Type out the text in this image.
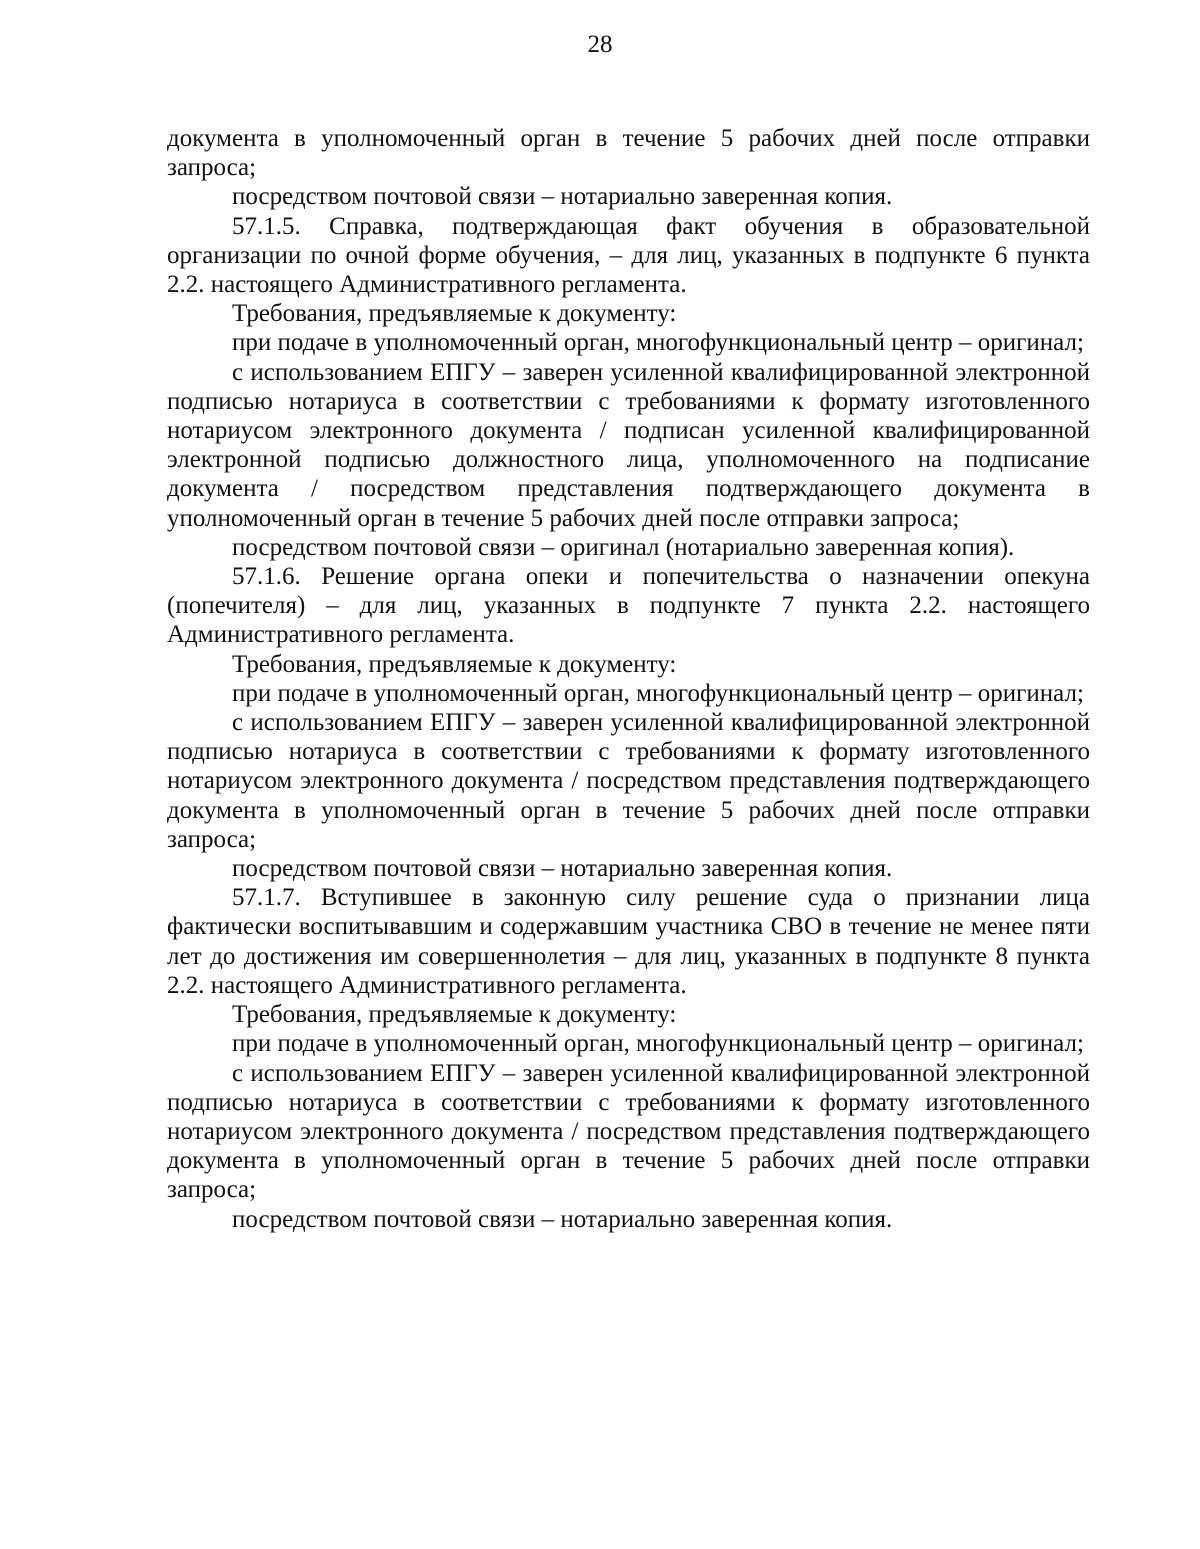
28

документа в уполномоченный орган в течение 5 рабочих дней после отправки запроса;

посредством почтовой связи – нотариально заверенная копия.

57.1.5. Справка, подтверждающая факт обучения в образовательной организации по очной форме обучения, – для лиц, указанных в подпункте 6 пункта 2.2. настоящего Административного регламента.

Требования, предъявляемые к документу:

при подаче в уполномоченный орган, многофункциональный центр – оригинал;

с использованием ЕПГУ – заверен усиленной квалифицированной электронной подписью нотариуса в соответствии с требованиями к формату изготовленного нотариусом электронного документа / подписан усиленной квалифицированной электронной подписью должностного лица, уполномоченного на подписание документа / посредством представления подтверждающего документа в уполномоченный орган в течение 5 рабочих дней после отправки запроса;

посредством почтовой связи – оригинал (нотариально заверенная копия).

57.1.6. Решение органа опеки и попечительства о назначении опекуна (попечителя) – для лиц, указанных в подпункте 7 пункта 2.2. настоящего Административного регламента.

Требования, предъявляемые к документу:

при подаче в уполномоченный орган, многофункциональный центр – оригинал;

с использованием ЕПГУ – заверен усиленной квалифицированной электронной подписью нотариуса в соответствии с требованиями к формату изготовленного нотариусом электронного документа / посредством представления подтверждающего документа в уполномоченный орган в течение 5 рабочих дней после отправки запроса;

посредством почтовой связи – нотариально заверенная копия.

57.1.7. Вступившее в законную силу решение суда о признании лица фактически воспитывавшим и содержавшим участника СВО в течение не менее пяти лет до достижения им совершеннолетия – для лиц, указанных в подпункте 8 пункта 2.2. настоящего Административного регламента.

Требования, предъявляемые к документу:

при подаче в уполномоченный орган, многофункциональный центр – оригинал;

с использованием ЕПГУ – заверен усиленной квалифицированной электронной подписью нотариуса в соответствии с требованиями к формату изготовленного нотариусом электронного документа / посредством представления подтверждающего документа в уполномоченный орган в течение 5 рабочих дней после отправки запроса;

посредством почтовой связи – нотариально заверенная копия.
